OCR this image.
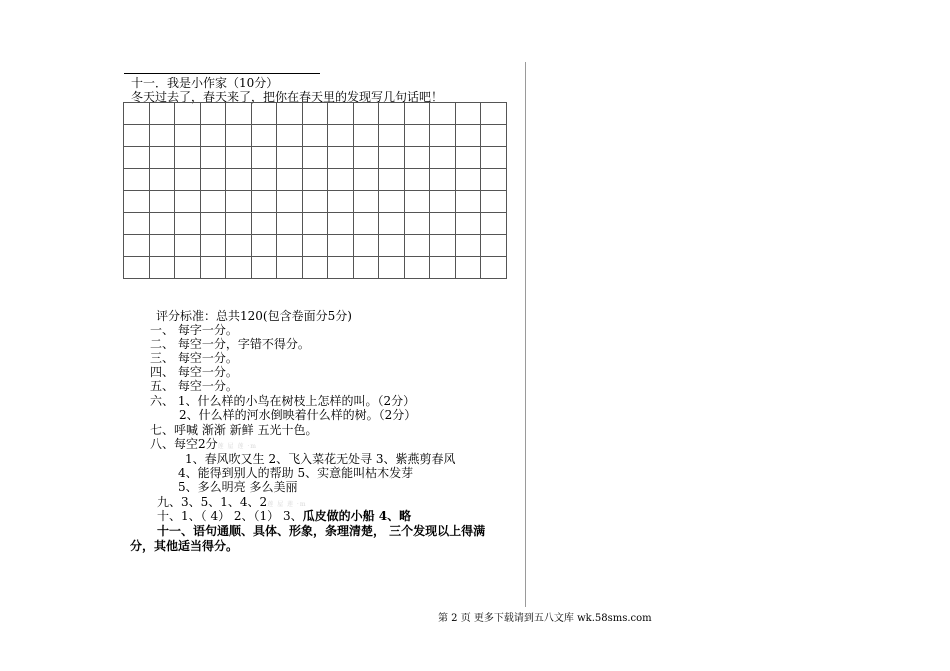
十一．我是小作家（10分）
冬天过去了，春天来了，把你在春天里的发现写几句话吧！

评分标准：总共120(包含卷面分5分)
一、 每字一分。
二、 每空一分，字错不得分。
三、 每空一分。
四、 每空一分。
五、 每空一分。
六、 1、什么样的小鸟在树枝上怎样的叫。（2分）
2、什么样的河水倒映着什么样的树。（2分）
七、呼喊 渐渐 新鲜 五光十色。
八、每空2分莲 屋 莲 ·m
1、春风吹又生 2、飞入菜花无处寻 3、紫燕剪春风
4、能得到别人的帮助 5、实意能叫枯木发芽
5、多么明亮 多么美丽
九、3、5、1、4、2莲 屋 莲 ·m
十、1、（ 4） 2、（1） 3、瓜皮做的小船 4、略
十一、语句通顺、具体、形象，条理清楚， 三个发现以上得满
分，其他适当得分。
第 2 页 更多下载请到五八文库 wk.58sms.com
